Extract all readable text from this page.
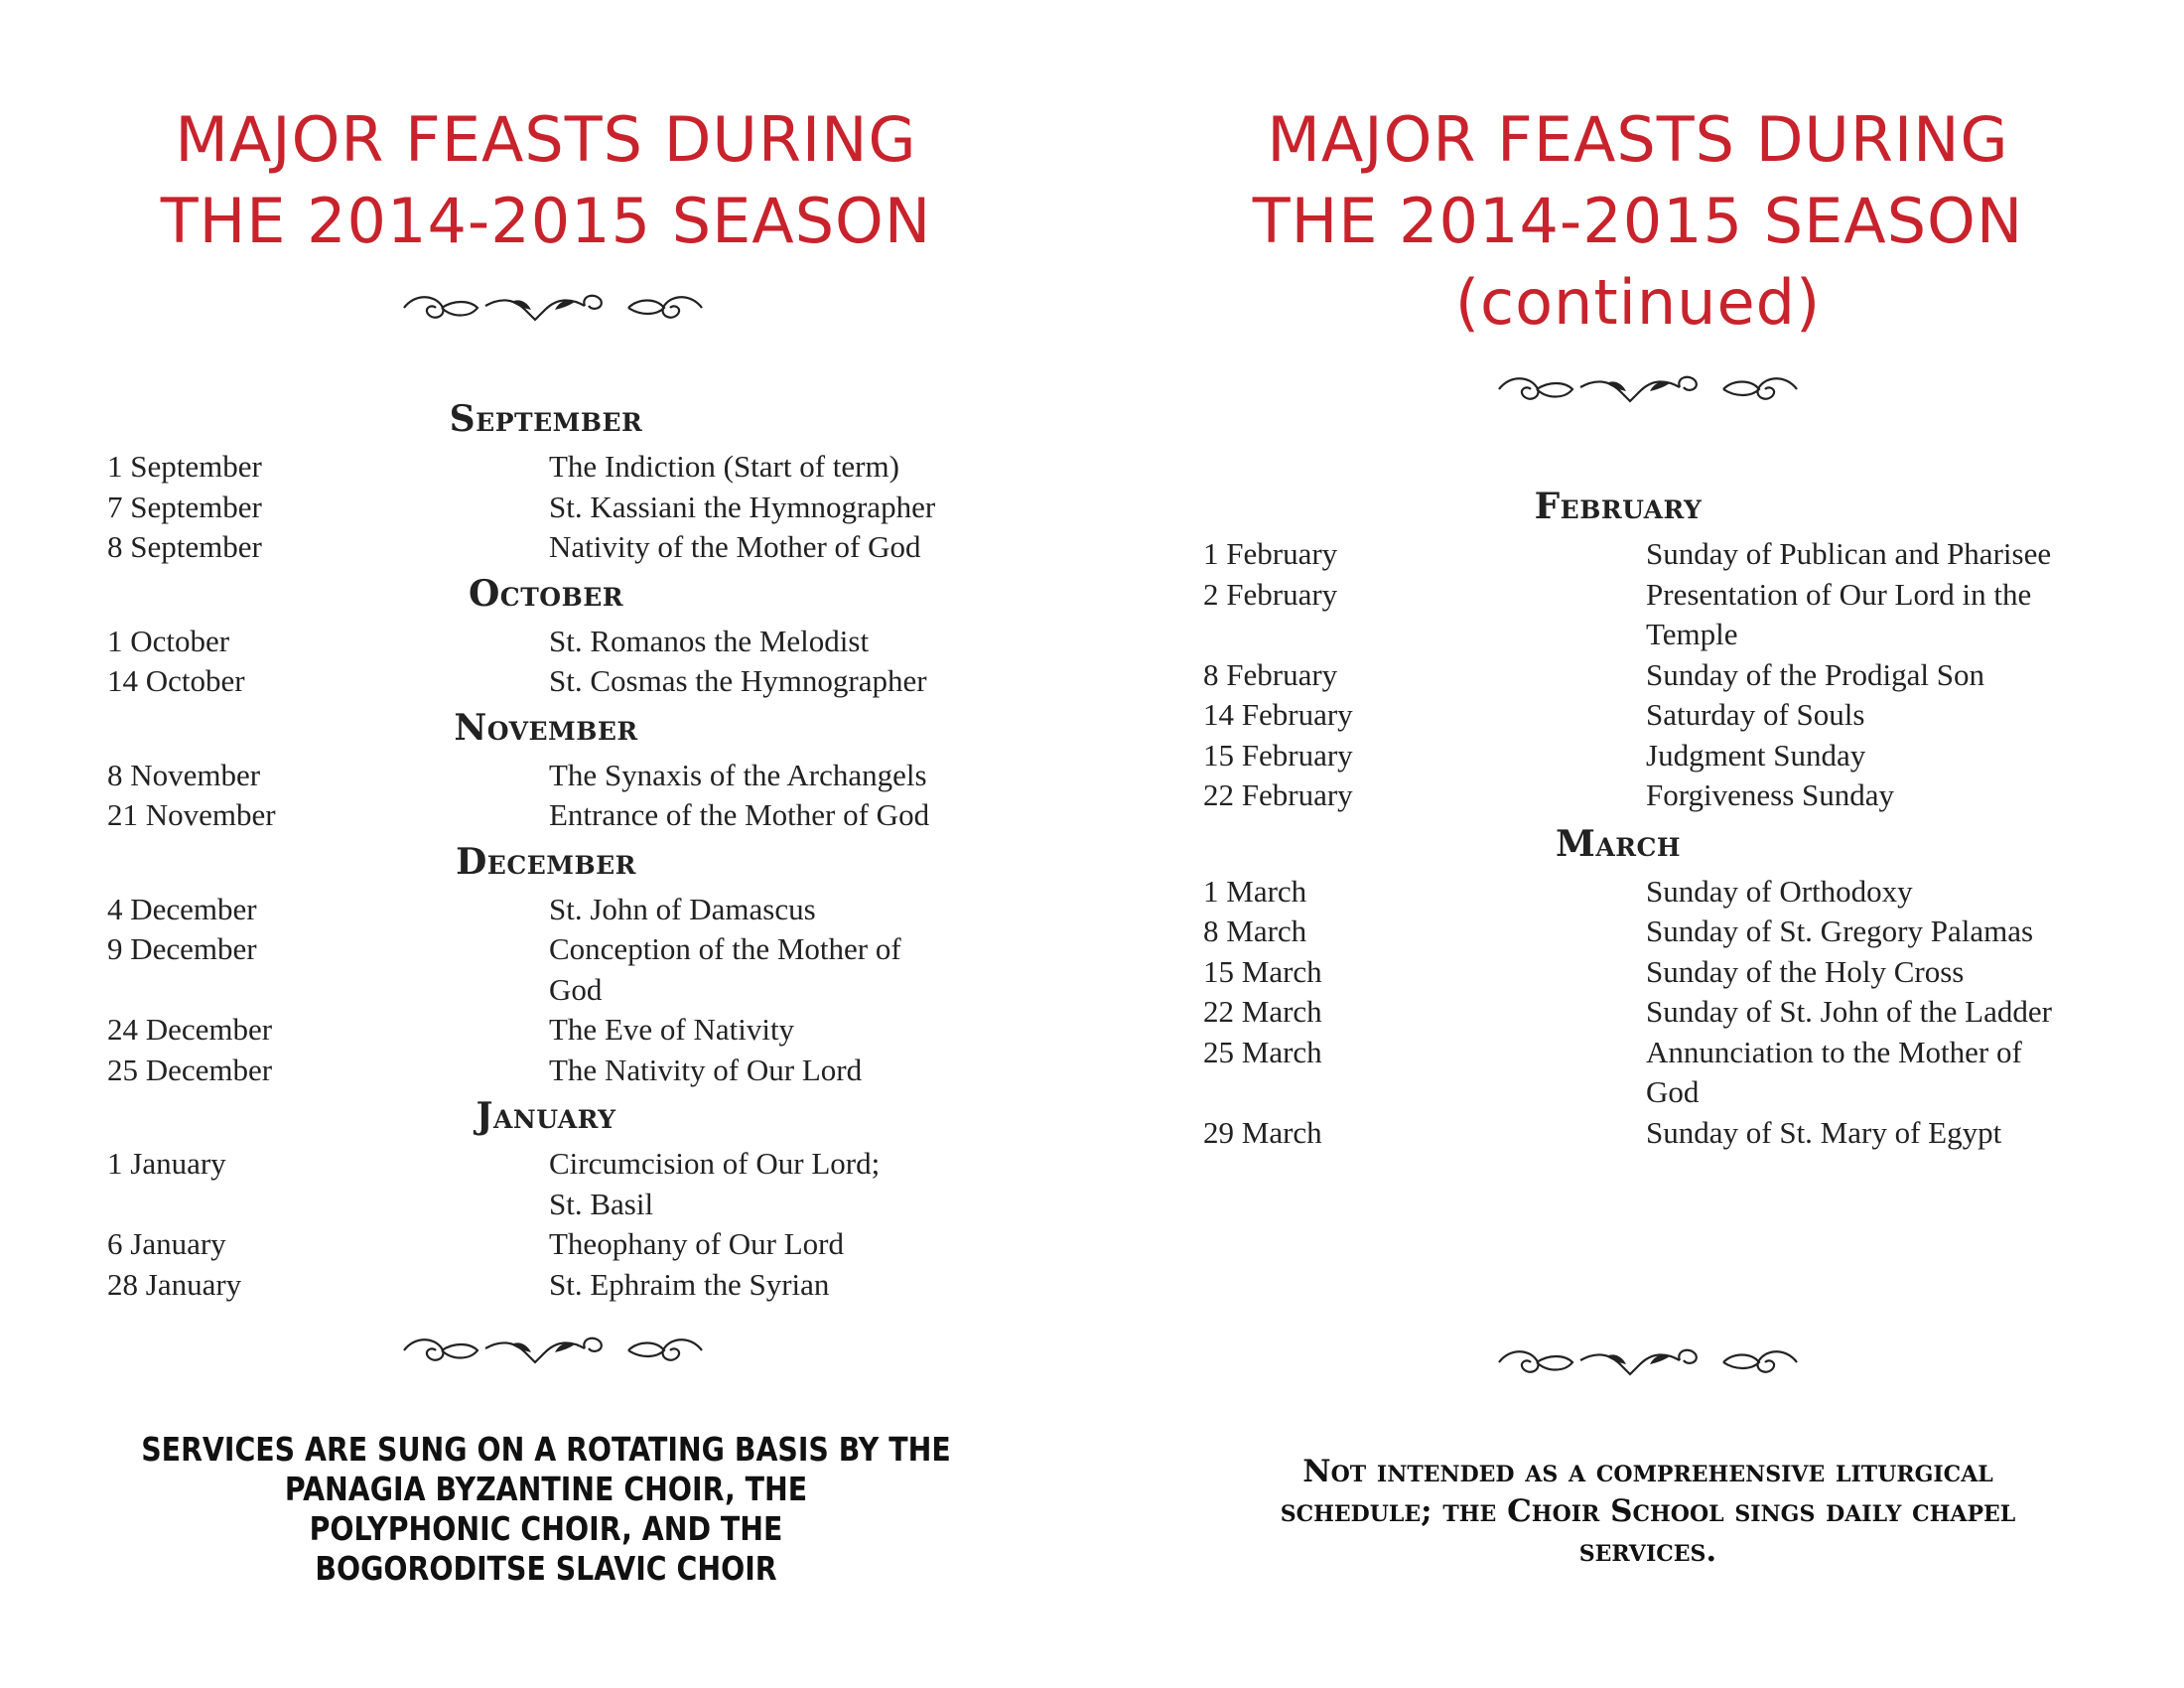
MAJOR FEASTS DURING
THE 2014-2015 SEASON
September
1 September	The Indiction (Start of term)
7 September	St. Kassiani the Hymnographer
8 September	Nativity of the Mother of God
October
1 October	St. Romanos the Melodist
14 October	St. Cosmas the Hymnographer
November
8 November	The Synaxis of the Archangels
21 November	Entrance of the Mother of God
December
4 December	St. John of Damascus
9 December	Conception of the Mother of
God
24 December	The Eve of Nativity
25 December	The Nativity of Our Lord
January
1 January	Circumcision of Our Lord;
St. Basil
6 January	Theophany of Our Lord
28 January	St. Ephraim the Syrian
SERVICES ARE SUNG ON A ROTATING BASIS BY THE
PANAGIA BYZANTINE CHOIR, THE
POLYPHONIC CHOIR, AND THE
BOGORODITSE SLAVIC CHOIR
MAJOR FEASTS DURING
THE 2014-2015 SEASON
(continued)
February
1 February	Sunday of Publican and Pharisee
2 February	Presentation of Our Lord in the
Temple
8 February	Sunday of the Prodigal Son
14 February	Saturday of Souls
15 February	Judgment Sunday
22 February	Forgiveness Sunday
March
1 March	Sunday of Orthodoxy
8 March	Sunday of St. Gregory Palamas
15 March	Sunday of the Holy Cross
22 March	Sunday of St. John of the Ladder
25 March	Annunciation to the Mother of
God
29 March	Sunday of St. Mary of Egypt
Not intended as a comprehensive liturgical
schedule; the Choir School sings daily chapel
services.
